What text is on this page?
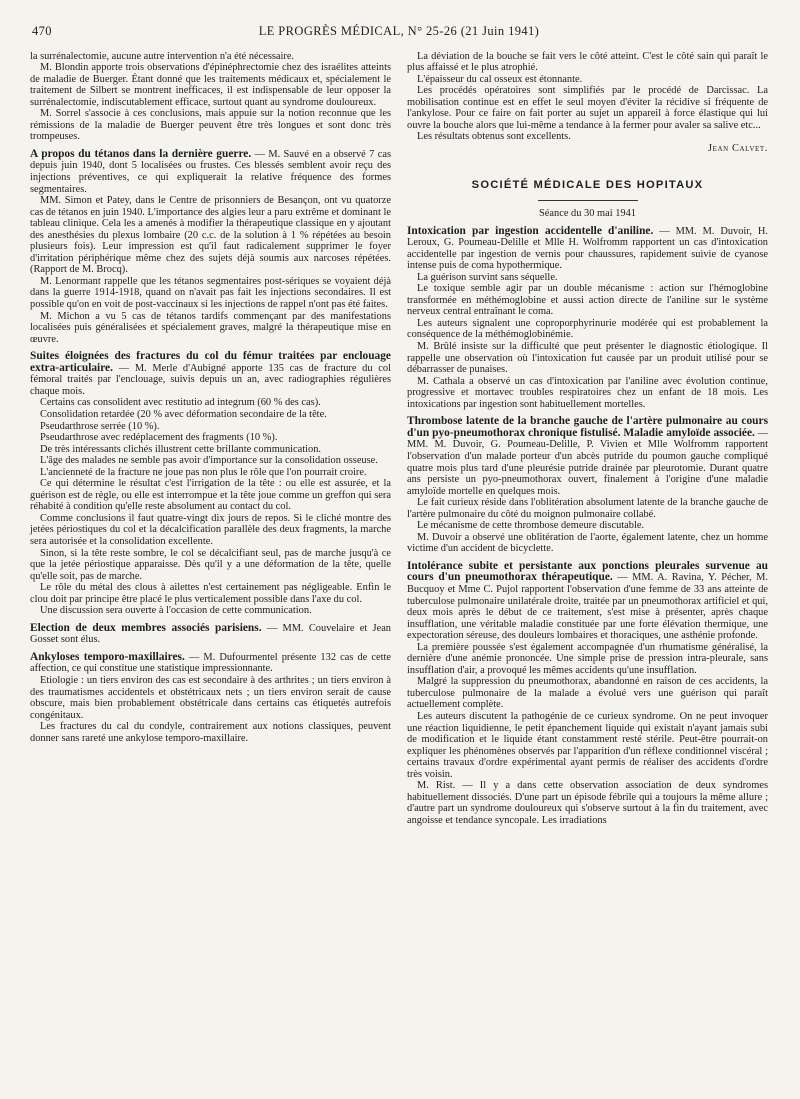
470	LE PROGRÈS MÉDICAL, N° 25-26 (21 Juin 1941)

la surrénalectomie, aucune autre intervention n'a été nécessaire.

M. Blondin apporte trois observations d'épinéphrectomie chez des israélites atteints de maladie de Buerger. Étant donné que les traitements médicaux et, spécialement le traitement de Silbert se montrent inefficaces, il est indispensable de leur opposer la surrénalectomie, indiscutablement efficace, surtout quant au syndrome douloureux.

M. Sorrel s'associe à ces conclusions, mais appuie sur la notion reconnue que les rémissions de la maladie de Buerger peuvent être très longues et sont donc très trompeuses.

A propos du tétanos dans la dernière guerre. — M. Sauvé en a observé 7 cas depuis juin 1940, dont 5 localisées ou frustes. Ces blessés semblent avoir reçu des injections préventives, ce qui expliquerait la relative fréquence des formes segmentaires.

MM. Simon et Patey, dans le Centre de prisonniers de Besançon, ont vu quatorze cas de tétanos en juin 1940. L'importance des algies leur a paru extrême et dominant le tableau clinique. Cela les a amenés à modifier la thérapeutique classique en y ajoutant des anesthésies du plexus lombaire (20 c.c. de la solution à 1 % répétées au besoin plusieurs fois). Leur impression est qu'il faut radicalement supprimer le foyer d'irritation périphérique même chez des sujets déjà soumis aux narcoses répétées. (Rapport de M. Brocq).

M. Lenormant rappelle que les tétanos segmentaires post-sériques se voyaient déjà dans la guerre 1914-1918, quand on n'avait pas fait les injections secondaires. Il est possible qu'on en voit de post-vaccinaux si les injections de rappel n'ont pas été faites.

M. Michon a vu 5 cas de tétanos tardifs commençant par des manifestations localisées puis généralisées et spécialement graves, malgré la thérapeutique mise en œuvre.

Suites éloignées des fractures du col du fémur traitées par enclouage extra-articulaire. — M. Merle d'Aubigné apporte 135 cas de fracture du col fémoral traités par l'enclouage, suivis depuis un an, avec radiographies régulières chaque mois.

Certains cas consolident avec restitutio ad integrum (60 % des cas).

Consolidation retardée (20 % avec déformation secondaire de la tête.

Pseudarthrose serrée (10 %).

Pseudarthrose avec redéplacement des fragments (10 %).

De très intéressants clichés illustrent cette brillante communication.

L'âge des malades ne semble pas avoir d'importance sur la consolidation osseuse.

L'ancienneté de la fracture ne joue pas non plus le rôle que l'on pourrait croire.

Ce qui détermine le résultat c'est l'irrigation de la tête : ou elle est assurée, et la guérison est de règle, ou elle est interrompue et la tête joue comme un greffon qui sera réhabité à condition qu'elle reste absolument au contact du col.

Comme conclusions il faut quatre-vingt dix jours de repos. Si le cliché montre des jetées périostiques du col et la décalcification parallèle des deux fragments, la marche sera autorisée et la consolidation excellente.

Sinon, si la tête reste sombre, le col se décalcifiant seul, pas de marche jusqu'à ce que la jetée périostique apparaisse. Dès qu'il y a une déformation de la tête, quelle qu'elle soit, pas de marche.

Le rôle du métal des clous à ailettes n'est certainement pas négligeable. Enfin le clou doit par principe être placé le plus verticalement possible dans l'axe du col.

Une discussion sera ouverte à l'occasion de cette communication.

Election de deux membres associés parisiens. — MM. Couvelaire et Jean Gosset sont élus.

Ankyloses temporo-maxillaires. — M. Dufourmentel présente 132 cas de cette affection, ce qui constitue une statistique impressionnante.

Etiologie : un tiers environ des cas est secondaire à des arthrites ; un tiers environ à des traumatismes accidentels et obstétricaux nets ; un tiers environ serait de cause obscure, mais bien probablement obstétricale dans certains cas étiquetés autrefois congénitaux.

Les fractures du cal du condyle, contrairement aux notions classiques, peuvent donner sans rareté une ankylose temporo-maxillaire.

La déviation de la bouche se fait vers le côté atteint. C'est le côté sain qui paraît le plus affaissé et le plus atrophié.

L'épaisseur du cal osseux est étonnante.

Les procédés opératoires sont simplifiés par le procédé de Darcissac. La mobilisation continue est en effet le seul moyen d'éviter la récidive si fréquente de l'ankylose. Pour ce faire on fait porter au sujet un appareil à force élastique qui lui ouvre la bouche alors que lui-même a tendance à la fermer pour avaler sa salive etc...

Les résultats obtenus sont excellents.

Jean Calvet.
SOCIÉTÉ MÉDICALE DES HOPITAUX
Séance du 30 mai 1941

Intoxication par ingestion accidentelle d'aniline. — MM. M. Duvoir, H. Leroux, G. Poumeau-Delille et Mlle H. Wolfromm rapportent un cas d'intoxication accidentelle par ingestion de vernis pour chaussures, rapidement suivie de cyanose intense puis de coma hypothermique.

La guérison survint sans séquelle.

Le toxique semble agir par un double mécanisme : action sur l'hémoglobine transformée en méthémoglobine et aussi action directe de l'aniline sur le système nerveux central entraînant le coma.

Les auteurs signalent une coproporphyrinurie modérée qui est probablement la conséquence de la méthémoglobinémie.

M. Brûlé insiste sur la difficulté que peut présenter le diagnostic étiologique. Il rappelle une observation où l'intoxication fut causée par un produit utilisé pour se débarrasser de punaises.

M. Cathala a observé un cas d'intoxication par l'aniline avec évolution continue, progressive et mortavec troubles respiratoires chez un enfant de 18 mois. Les intoxications par ingestion sont habituellement mortelles.

Thrombose latente de la branche gauche de l'artère pulmonaire au cours d'un pyo-pneumothorax chronique fistulisé. Maladie amyloïde associée. — MM. M. Duvoir, G. Poumeau-Delille, P. Vivien et Mlle Wolfromm rapportent l'observation d'un malade porteur d'un abcès putride du poumon gauche compliqué quatre mois plus tard d'une pleurésie putride drainée par pleurotomie. Durant quatre ans persiste un pyo-pneumothorax ouvert, finalement à l'origine d'une maladie amyloïde mortelle en quelques mois.

Le fait curieux réside dans l'oblitération absolument latente de la branche gauche de l'artère pulmonaire du côté du moignon pulmonaire collabé.

Le mécanisme de cette thrombose demeure discutable.

M. Duvoir a observé une oblitération de l'aorte, également latente, chez un homme victime d'un accident de bicyclette.

Intolérance subite et persistante aux ponctions pleurales survenue au cours d'un pneumothorax thérapeutique. — MM. A. Ravina, Y. Pécher, M. Bucquoy et Mme C. Pujol rapportent l'observation d'une femme de 33 ans atteinte de tuberculose pulmonaire unilatérale droite, traitée par un pneumothorax artificiel et qui, deux mois après le début de ce traitement, s'est mise à présenter, après chaque insufflation, une véritable maladie constituée par une forte élévation thermique, une expectoration séreuse, des douleurs lombaires et thoraciques, une asthénie profonde.

La première poussée s'est également accompagnée d'un rhumatisme généralisé, la dernière d'une anémie prononcée. Une simple prise de pression intra-pleurale, sans insufflation d'air, a provoqué les mêmes accidents qu'une insufflation.

Malgré la suppression du pneumothorax, abandonné en raison de ces accidents, la tuberculose pulmonaire de la malade a évolué vers une guérison qui paraît actuellement complète.

Les auteurs discutent la pathogénie de ce curieux syndrome. On ne peut invoquer une réaction liquidienne, le petit épanchement liquide qui existait n'ayant jamais subi de modification et le liquide étant constamment resté stérile. Peut-être pourrait-on expliquer les phénomènes observés par l'apparition d'un réflexe conditionnel viscéral ; certains travaux d'ordre expérimental ayant permis de réaliser des accidents d'ordre très voisin.

M. Rist. — Il y a dans cette observation association de deux syndromes habituellement dissociés. D'une part un épisode fébrile qui a toujours la même allure ; d'autre part un syndrome douloureux qui s'observe surtout à la fin du traitement, avec angoisse et tendance syncopale. Les irradiations
